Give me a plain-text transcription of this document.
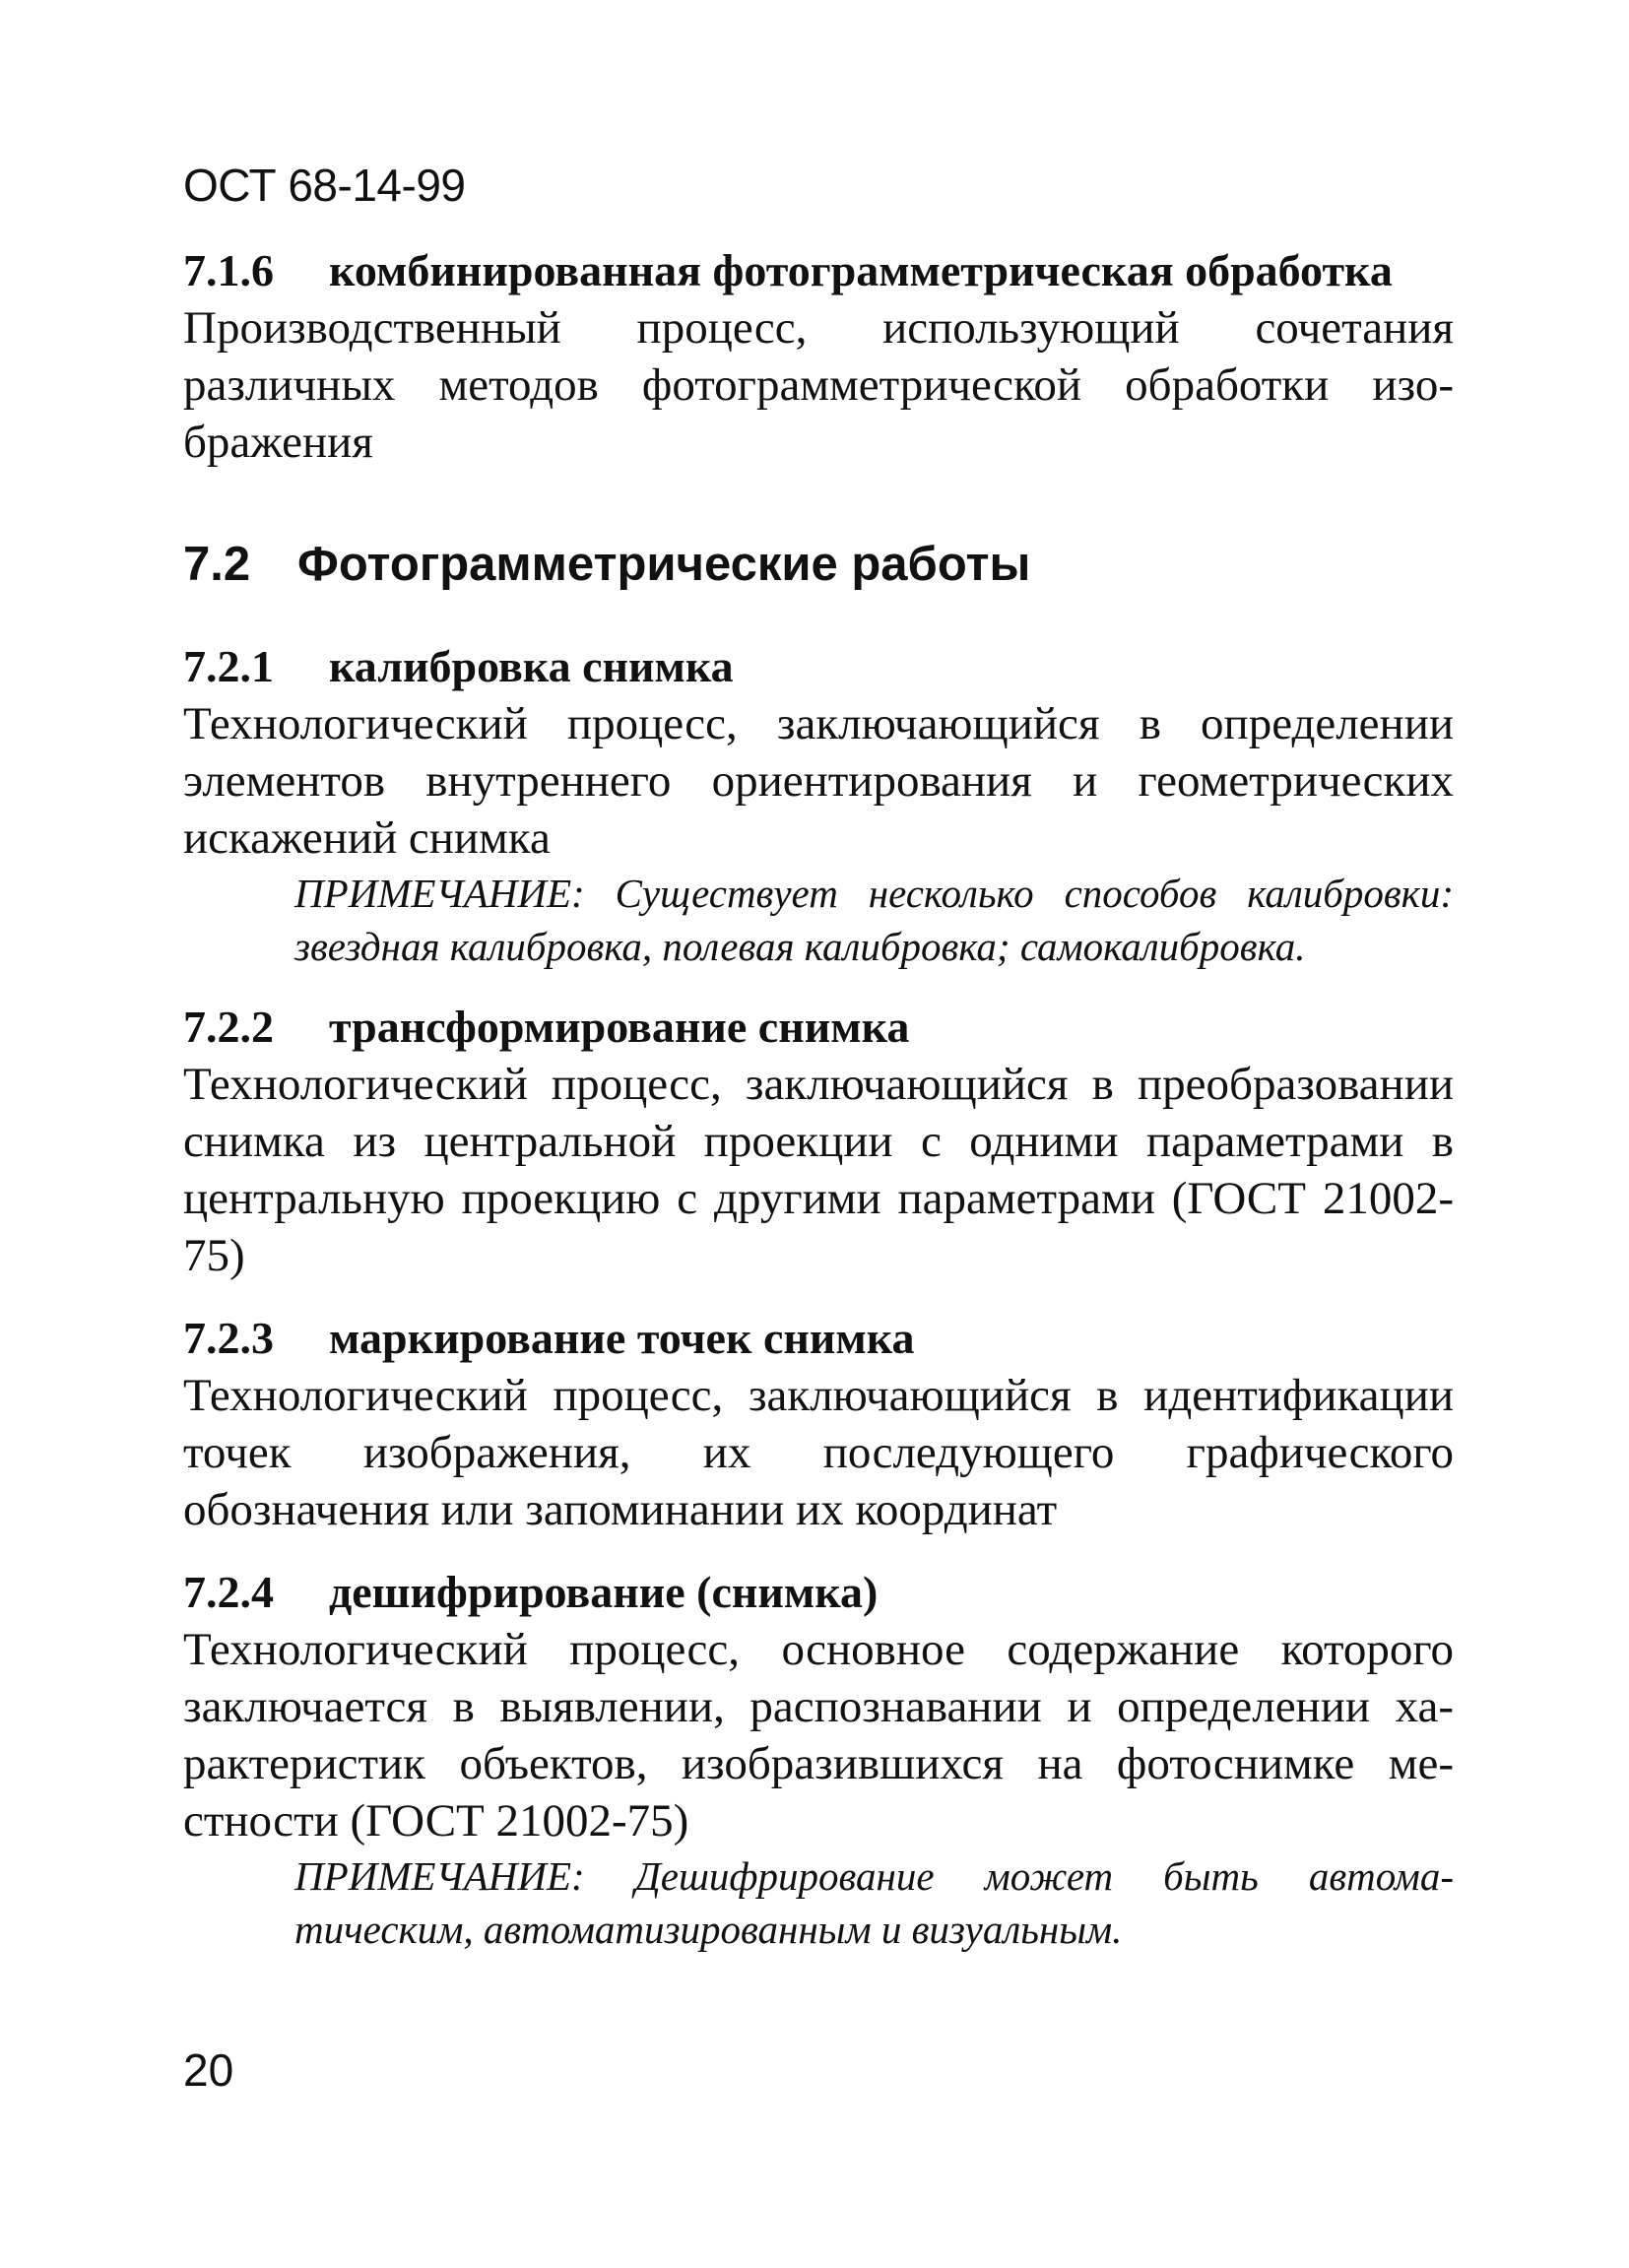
ОСТ 68-14-99
7.1.6 комбинированная фотограмметрическая обработка
Производственный процесс, использующий сочетания различных методов фотограмметрической обработки изображения
7.2 Фотограмметрические работы
7.2.1 калибровка снимка
Технологический процесс, заключающийся в определении элементов внутреннего ориентирования и геометрических искажений снимка
ПРИМЕЧАНИЕ: Существует несколько способов калибровки: звездная калибровка, полевая калибровка; самокалибровка.
7.2.2 трансформирование снимка
Технологический процесс, заключающийся в преобразовании снимка из центральной проекции с одними параметрами в центральную проекцию с другими параметрами (ГОСТ 21002-75)
7.2.3 маркирование точек снимка
Технологический процесс, заключающийся в идентификации точек изображения, их последующего графического обозначения или запоминании их координат
7.2.4 дешифрирование (снимка)
Технологический процесс, основное содержание которого заключается в выявлении, распознавании и определении характеристик объектов, изобразившихся на фотоснимке местности (ГОСТ 21002-75)
ПРИМЕЧАНИЕ: Дешифрирование может быть автоматическим, автоматизированным и визуальным.
20
